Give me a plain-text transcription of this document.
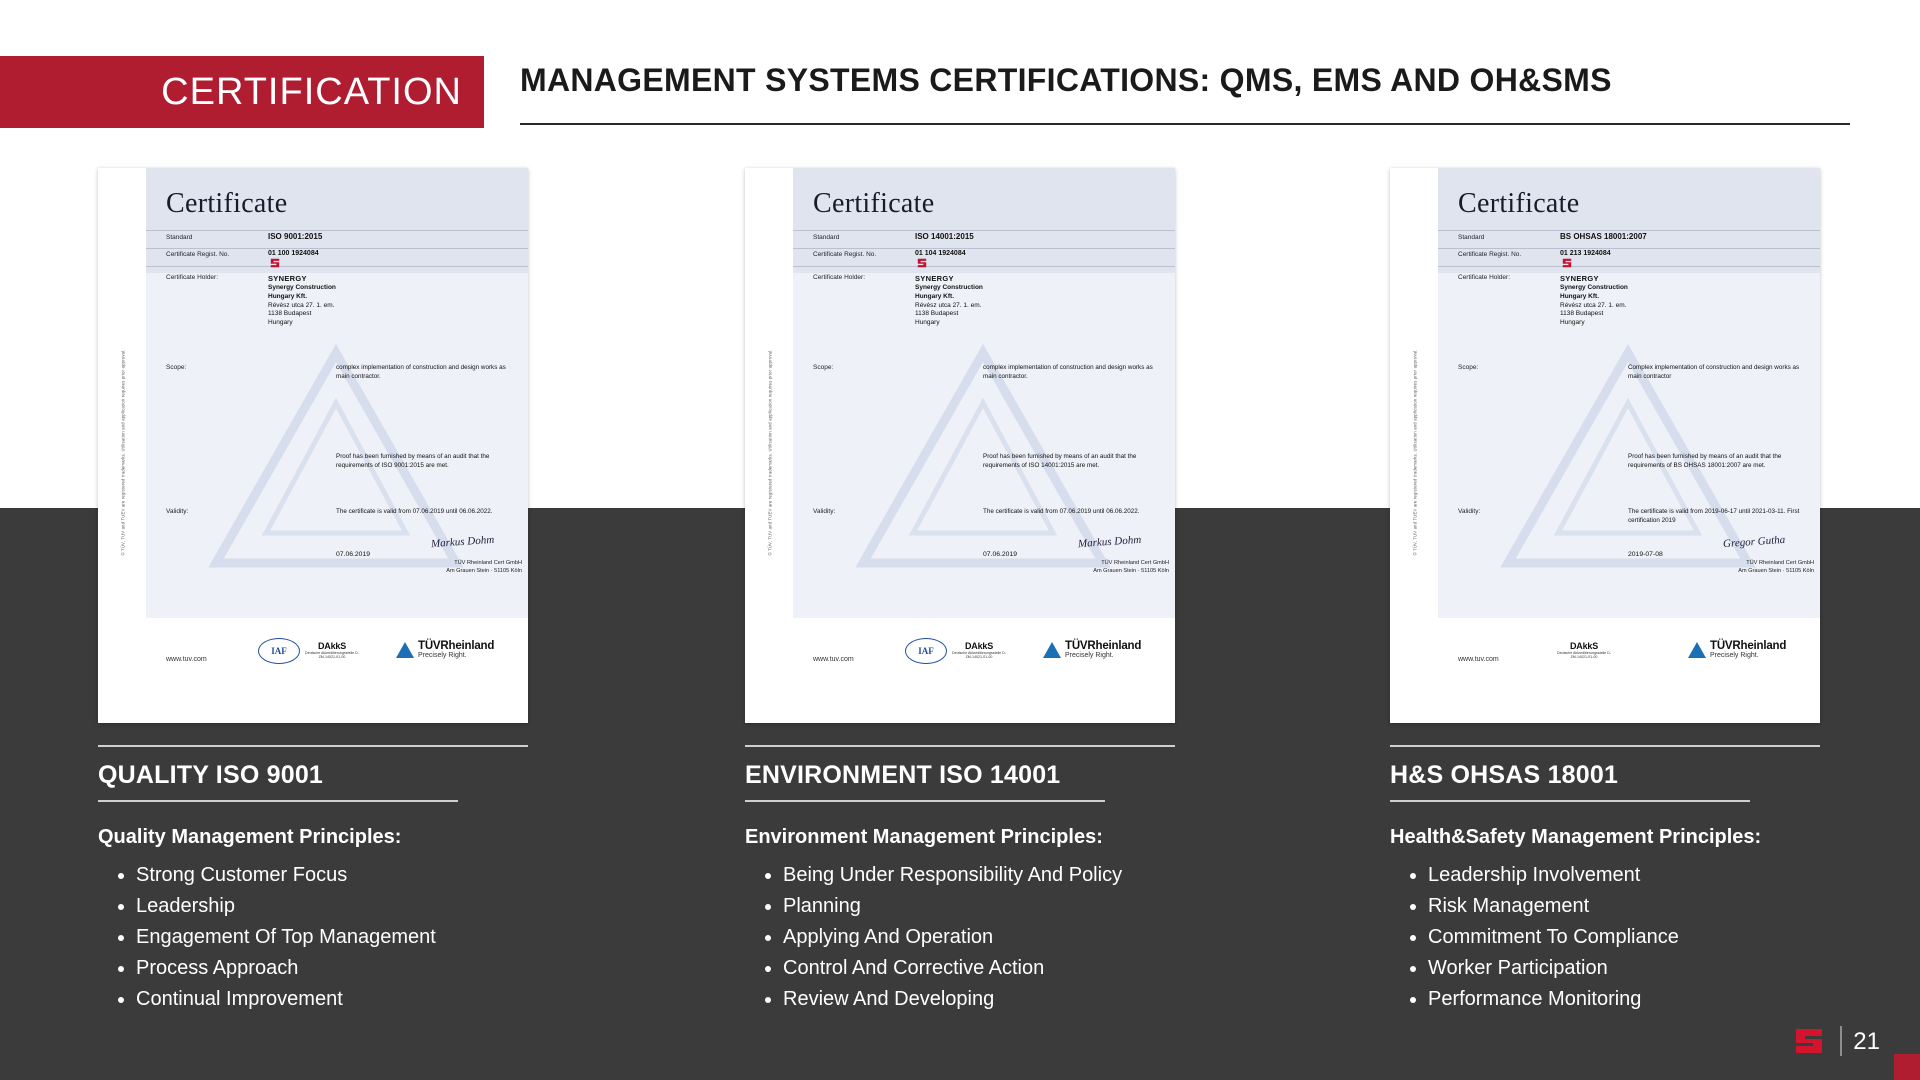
CERTIFICATION MANAGEMENT SYSTEMS CERTIFICATIONS: QMS, EMS AND OH&SMS
© TÜV, TUV and TUEV are registered trademarks. Utilisation and application requires prior approval.
Certificate
Standard	ISO 9001:2015
Certificate Regist. No.	01 100 1924084
Certificate Holder:	SYNERGY
Synergy Construction
Hungary Kft.
Révész utca 27. 1. em.
1138 Budapest
Hungary
Scope:	complex implementation of construction and design works as main contractor.
Proof has been furnished by means of an audit that the requirements of ISO 9001:2015 are met.
Validity:	The certificate is valid from 07.06.2019 until 06.06.2022.
07.06.2019
Markus Dohm
TÜV Rheinland Cert GmbH
Am Grauen Stein · 51105 Köln
www.tuv.com
IAF	DAkkS
Deutsche Akkreditierungsstelle D-ZM-14021-01-00
TÜVRheinland
Precisely Right.
QUALITY ISO 9001
Quality Management Principles:
• Strong Customer Focus
• Leadership
• Engagement Of Top Management
• Process Approach
• Continual Improvement
© TÜV, TUV and TUEV are registered trademarks. Utilisation and application requires prior approval.
Certificate
Standard	ISO 14001:2015
Certificate Regist. No.	01 104 1924084
Certificate Holder:	SYNERGY
Synergy Construction
Hungary Kft.
Révész utca 27. 1. em.
1138 Budapest
Hungary
Scope:	complex implementation of construction and design works as main contractor.
Proof has been furnished by means of an audit that the requirements of ISO 14001:2015 are met.
Validity:	The certificate is valid from 07.06.2019 until 06.06.2022.
07.06.2019
Markus Dohm
TÜV Rheinland Cert GmbH
Am Grauen Stein · 51105 Köln
www.tuv.com
IAF	DAkkS
Deutsche Akkreditierungsstelle D-ZM-14021-01-00
TÜVRheinland
Precisely Right.
ENVIRONMENT ISO 14001
Environment Management Principles:
• Being Under Responsibility And Policy
• Planning
• Applying And Operation
• Control And Corrective Action
• Review And Developing
© TÜV, TUV and TUEV are registered trademarks. Utilisation and application requires prior approval.
Certificate
Standard	BS OHSAS 18001:2007
Certificate Regist. No.	01 213 1924084
Certificate Holder:	SYNERGY
Synergy Construction
Hungary Kft.
Révész utca 27. 1. em.
1138 Budapest
Hungary
Scope:	Complex implementation of construction and design works as main contractor
Proof has been furnished by means of an audit that the requirements of BS OHSAS 18001:2007 are met.
Validity:	The certificate is valid from 2019-06-17 until 2021-03-11. First certification 2019
2019-07-08
Gregor Gutha
TÜV Rheinland Cert GmbH
Am Grauen Stein · 51105 Köln
www.tuv.com
DAkkS
Deutsche Akkreditierungsstelle D-ZM-14021-01-00
TÜVRheinland
Precisely Right.
H&S OHSAS 18001
Health&Safety Management Principles:
• Leadership Involvement
• Risk Management
• Commitment To Compliance
• Worker Participation
• Performance Monitoring
21
